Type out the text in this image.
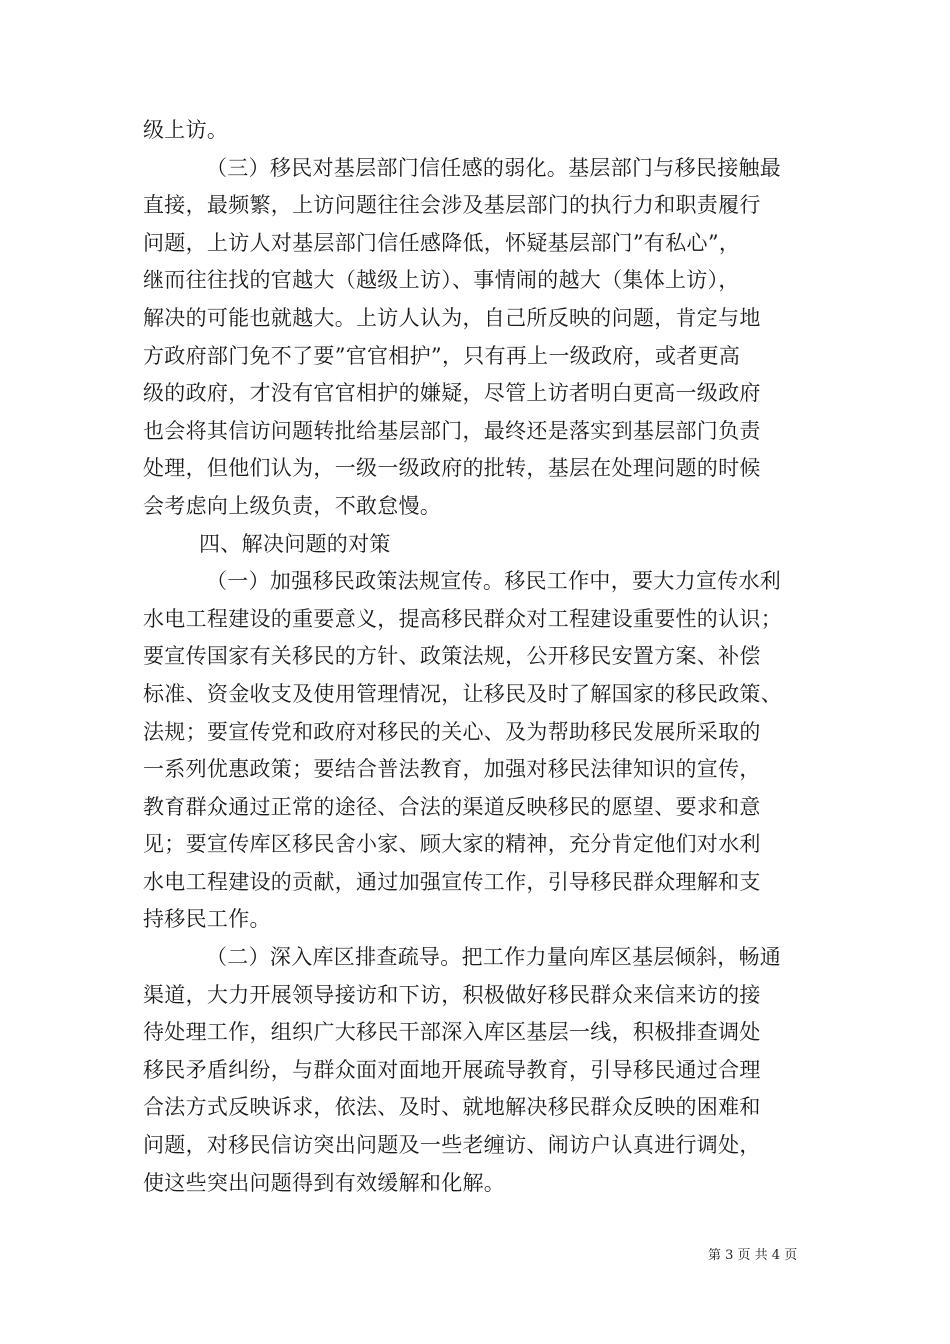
级上访。
（三）移民对基层部门信任感的弱化。基层部门与移民接触最
直接，最频繁，上访问题往往会涉及基层部门的执行力和职责履行
问题，上访人对基层部门信任感降低，怀疑基层部门”有私心”，
继而往往找的官越大（越级上访）、事情闹的越大（集体上访），
解决的可能也就越大。上访人认为，自己所反映的问题，肯定与地
方政府部门免不了要”官官相护”，只有再上一级政府，或者更高
级的政府，才没有官官相护的嫌疑，尽管上访者明白更高一级政府
也会将其信访问题转批给基层部门，最终还是落实到基层部门负责
处理，但他们认为，一级一级政府的批转，基层在处理问题的时候
会考虑向上级负责，不敢怠慢。
四、解决问题的对策
（一）加强移民政策法规宣传。移民工作中，要大力宣传水利
水电工程建设的重要意义，提高移民群众对工程建设重要性的认识；
要宣传国家有关移民的方针、政策法规，公开移民安置方案、补偿
标准、资金收支及使用管理情况，让移民及时了解国家的移民政策、
法规；要宣传党和政府对移民的关心、及为帮助移民发展所采取的
一系列优惠政策；要结合普法教育，加强对移民法律知识的宣传，
教育群众通过正常的途径、合法的渠道反映移民的愿望、要求和意
见；要宣传库区移民舍小家、顾大家的精神，充分肯定他们对水利
水电工程建设的贡献，通过加强宣传工作，引导移民群众理解和支
持移民工作。
（二）深入库区排查疏导。把工作力量向库区基层倾斜，畅通
渠道，大力开展领导接访和下访，积极做好移民群众来信来访的接
待处理工作，组织广大移民干部深入库区基层一线，积极排查调处
移民矛盾纠纷，与群众面对面地开展疏导教育，引导移民通过合理
合法方式反映诉求，依法、及时、就地解决移民群众反映的困难和
问题，对移民信访突出问题及一些老缠访、闹访户认真进行调处，
使这些突出问题得到有效缓解和化解。
第 3 页 共 4 页
